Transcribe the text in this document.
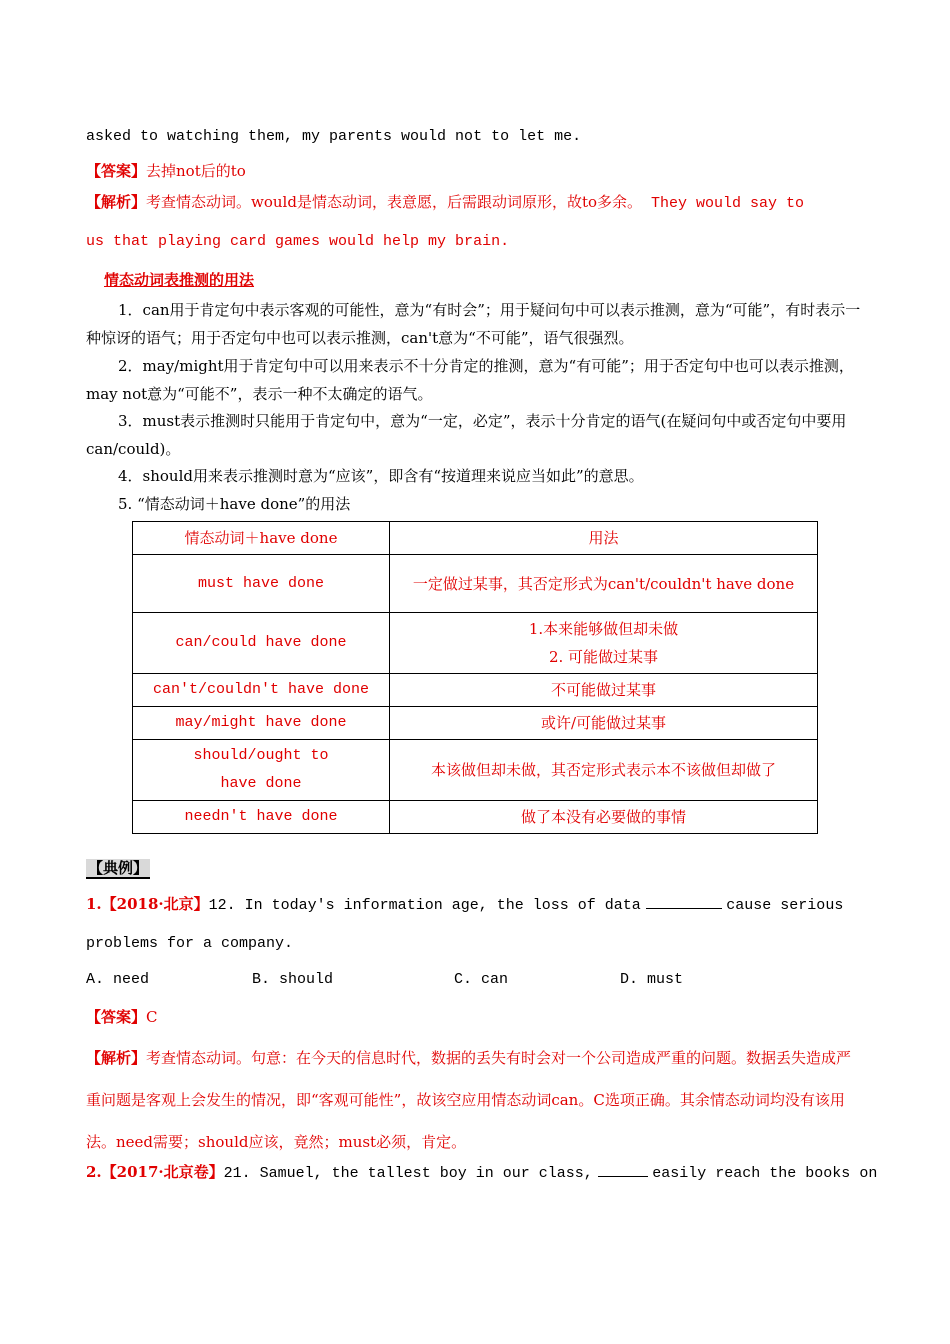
asked to watching them, my parents would not to let me.
【答案】去掉not后的to
【解析】考查情态动词。would是情态动词，表意愿，后需跟动词原形，故to多余。 They would say to
us that playing card games would help my brain.
情态动词表推测的用法
1．can用于肯定句中表示客观的可能性，意为“有时会”；用于疑问句中可以表示推测，意为“可能”，有时表示一种惊讶的语气；用于否定句中也可以表示推测，can't意为“不可能”，语气很强烈。
2．may/might用于肯定句中可以用来表示不十分肯定的推测，意为“有可能”；用于否定句中也可以表示推测，may not意为“可能不”，表示一种不太确定的语气。
3．must表示推测时只能用于肯定句中，意为“一定，必定”，表示十分肯定的语气(在疑问句中或否定句中要用can/could)。
4．should用来表示推测时意为“应该”，即含有“按道理来说应当如此”的意思。
5. “情态动词＋have done”的用法
情态动词＋have done	用法
must have done	一定做过某事，其否定形式为can't/couldn't have done
can/could have done	1.本来能够做但却未做
2. 可能做过某事

can't/couldn't have done	不可能做过某事
may/might have done	或许/可能做过某事

should/ought to
have done	本该做但却未做，其否定形式表示本不该做但却做了
needn't have done	做了本没有必要做的事情
【典例】
1.【2018·北京】12. In today's information age, the loss of data	cause serious
problems for a company.
A. need	B. should	C. can	D. must
【答案】C
【解析】考查情态动词。句意：在今天的信息时代，数据的丢失有时会对一个公司造成严重的问题。数据丢失造成严重问题是客观上会发生的情况，即“客观可能性”，故该空应用情态动词can。C选项正确。其余情态动词均没有该用法。need需要；should应该，竟然；must必须，肯定。
2.【2017·北京卷】21. Samuel, the tallest boy in our class,	easily reach the books on
